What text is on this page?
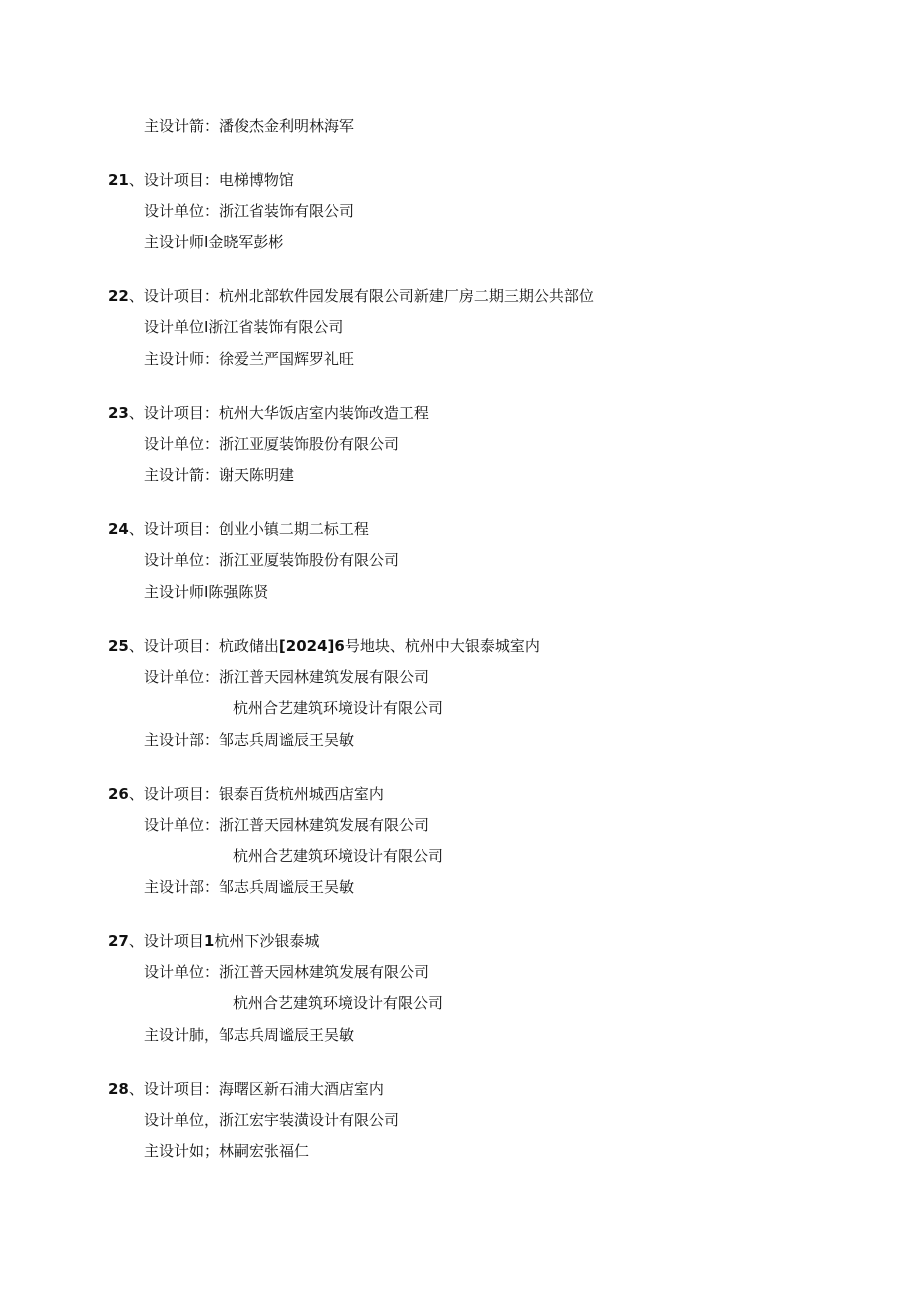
主设计箭：潘俊杰金利明林海军
21、设计项目：电梯博物馆
设计单位：浙江省装饰有限公司
主设计师I金晓军彭彬
22、设计项目：杭州北部软件园发展有限公司新建厂房二期三期公共部位
设计单位I浙江省装饰有限公司
主设计师：徐爱兰严国辉罗礼旺
23、设计项目：杭州大华饭店室内装饰改造工程
设计单位：浙江亚厦装饰股份有限公司
主设计箭：谢天陈明建
24、设计项目：创业小镇二期二标工程
设计单位：浙江亚厦装饰股份有限公司
主设计师I陈强陈贤
25、设计项目：杭政储出[2024]6号地块、杭州中大银泰城室内
设计单位：浙江普天园林建筑发展有限公司
杭州合艺建筑环境设计有限公司
主设计部：邹志兵周谧辰王吴敏
26、设计项目：银泰百货杭州城西店室内
设计单位：浙江普天园林建筑发展有限公司
杭州合艺建筑环境设计有限公司
主设计部：邹志兵周谧辰王吴敏
27、设计项目1杭州下沙银泰城
设计单位：浙江普天园林建筑发展有限公司
杭州合艺建筑环境设计有限公司
主设计肺，邹志兵周谧辰王吴敏
28、设计项目：海曙区新石浦大酒店室内
设计单位，浙江宏宇装潢设计有限公司
主设计如；林嗣宏张福仁
